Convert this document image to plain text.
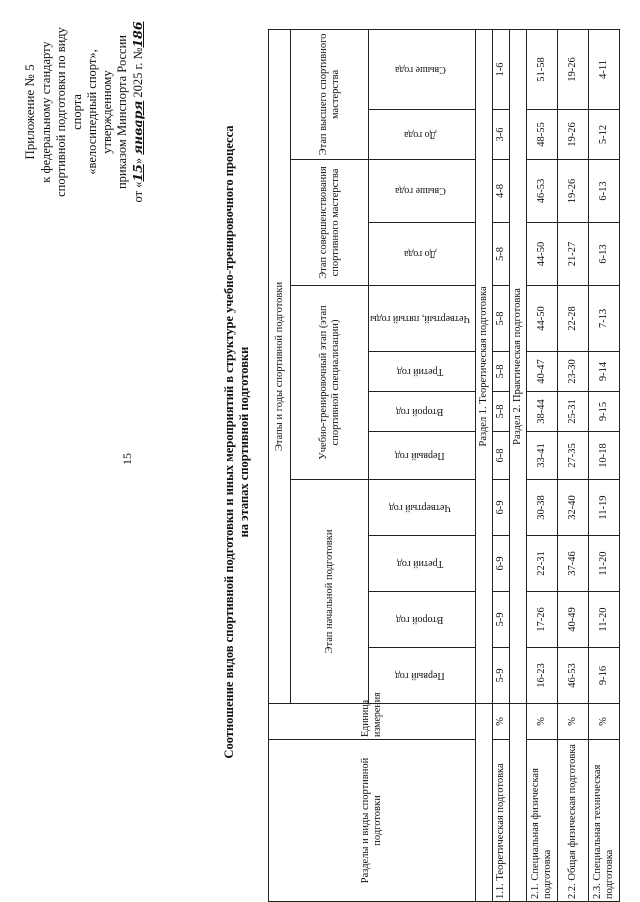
15
Приложение № 5 к федеральному стандарту спортивной подготовки по виду спорта «велосипедный спорт», утвержденному приказом Минспорта России
от «15» января 2025 г. №186
Соотношение видов спортивной подготовки и иных мероприятий в структуре учебно-тренировочного процесса на этапах спортивной подготовки
Разделы и виды спортивной подготовки	Единица измерения	Этапы и годы спортивной подготовки											
		Этап начальной подготовки				Учебно-тренировочный этап (этап спортивной специализации)				Этап совершенствования спортивного мастерства		Этап высшего спортивного мастерства	
		Первый год	Второй год	Третий год	Четвертый год	Первый год	Второй год	Третий год	Четвертый, пятый годы	До года	Свыше года	До года	Свыше года
		Раздел 1. Теоретическая подготовка											
1.1. Теоретическая подготовка	%	5-9	5-9	6-9	6-9	6-8	5-8	5-8	5-8	5-8	4-8	3-6	1-6
		Раздел 2. Практическая подготовка											
2.1. Специальная физическая подготовка	%	16-23	17-26	22-31	30-38	33-41	38-44	40-47	44-50	44-50	46-53	48-55	51-58
2.2. Общая физическая подготовка	%	46-53	40-49	37-46	32-40	27-35	25-31	23-30	22-28	21-27	19-26	19-26	19-26
2.3. Специальная техническая подготовка	%	9-16	11-20	11-20	11-19	10-18	9-15	9-14	7-13	6-13	6-13	5-12	4-11
